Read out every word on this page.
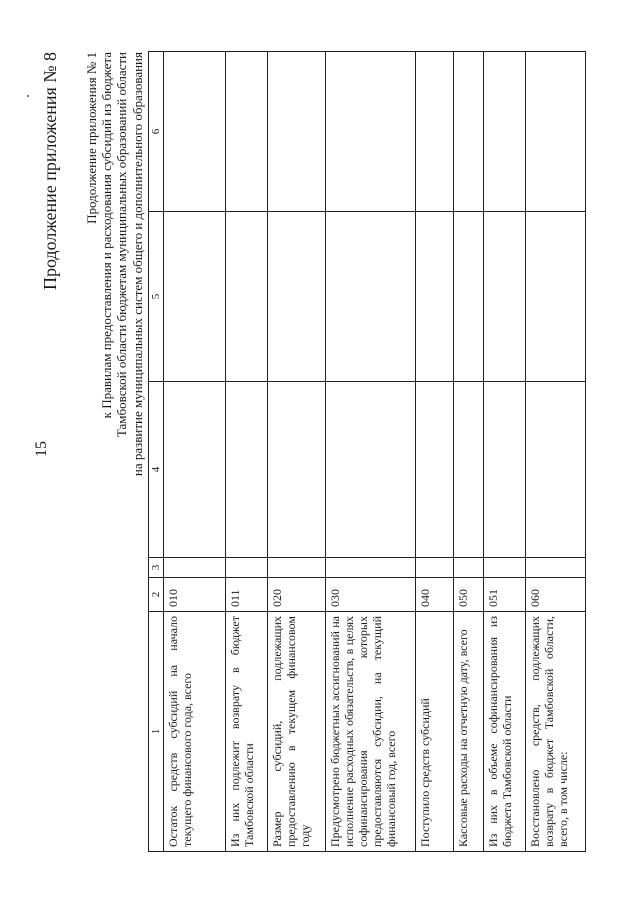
15
Продолжение приложения № 8 Продолжение приложения № 1 к Правилам предоставления и расходования субсидий из бюджета Тамбовской области бюджетам муниципальных образований области на развитие муниципальных систем общего и дополнительного образования
1	2	3	4	5	6
Остаток средств субсидий на начало текущего финансового года, всего	010				
Из них подлежит возврату в бюджет Тамбовской области	011				
Размер субсидий, подлежащих предоставлению в текущем финансовом году	020				
Предусмотрено бюджетных ассигнований на исполнение расходных обязательств, в целях софинансирования которых предоставляются субсидии, на текущий финансовый год, всего	030				
Поступило средств субсидий	040				
Кассовые расходы на отчетную дату, всего	050				
Из них в объеме софинансирования из бюджета Тамбовской области	051				
Восстановлено средств, подлежащих возврату в бюджет Тамбовской области, всего, в том числе:	060				
